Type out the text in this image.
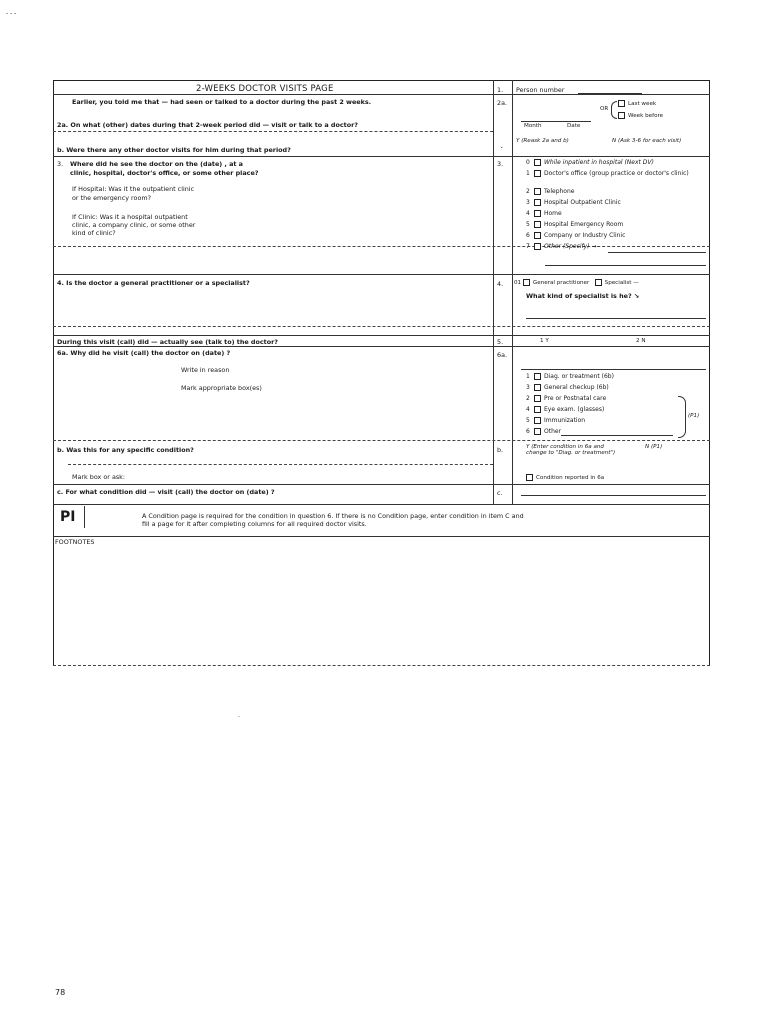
- - -
2-WEEKS DOCTOR VISITS PAGE	1. Person number
Earlier, you told me that — had seen or talked to a doctor during the past 2 weeks.	2a.
2a. On what (other) dates during that 2-week period did — visit or talk to a doctor?
OR
Last week
Week before
Month	Date
b. Were there any other doctor visits for him during that period?
Y (Reask 2a and b)	N (Ask 3-6 for each visit)
ˇ
3. Where did he see the doctor on the (date) , at a
clinic, hospital, doctor's office, or some other place?
If Hospital: Was it the outpatient clinic
or the emergency room?
If Clinic: Was it a hospital outpatient
clinic, a company clinic, or some other
kind of clinic?
3.	0 While inpatient in hospital (Next DV)
1 Doctor's office (group practice or doctor's clinic)
2 Telephone
3 Hospital Outpatient Clinic
4 Home
5 Hospital Emergency Room
6 Company or Industry Clinic
7 Other (Specify) →
4. Is the doctor a general practitioner or a specialist?	4. 01 General practitioner	Specialist —
What kind of specialist is he? ↘
During this visit (call) did — actually see (talk to) the doctor?	5.	1 Y	2 N
6a. Why did he visit (call) the doctor on (date) ?	6a.
Write in reason
Mark appropriate box(es)
1 Diag. or treatment (6b)
3 General checkup (6b)
2 Pre or Postnatal care
4 Eye exam. (glasses)
5 Immunization
6 Other
(P1)
b. Was this for any specific condition?	b.	Y (Enter condition in 6a and change to "Diag. or treatment")
N (P1)
Mark box or ask:	Condition reported in 6a
c. For what condition did — visit (call) the doctor on (date) ?	c.
PI	A Condition page is required for the condition in question 6. If there is no Condition page, enter condition in item C and
fill a page for it after completing columns for all required doctor visits.
FOOTNOTES
·
78
